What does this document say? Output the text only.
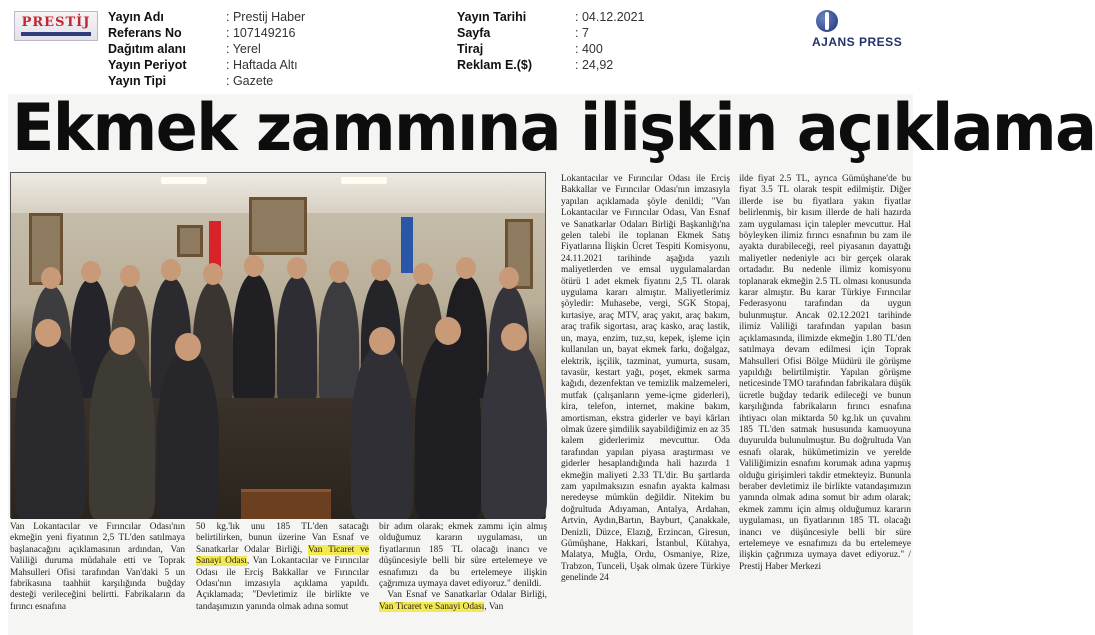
PRESTİJ Yayın Adı	: Prestij Haber
Referans No	: 107149216
Dağıtım alanı	: Yerel
Yayın Periyot	: Haftada Altı
Yayın Tipi	: Gazete
Yayın Tarihi	: 04.12.2021
Sayfa	: 7
Tiraj	: 400
Reklam E.($)	: 24,92
AJANS PRESS
Ekmek zammına ilişkin açıklama

Lokantacılar ve Fırıncılar Odası ile Erciş Bakkallar ve Fırıncılar Odası'nın imzasıyla yapılan açıklamada şöyle denildi; "Van Lokantacılar ve Fırıncılar Odası, Van Esnaf ve Sanatkarlar Odaları Birliği Başkanlığı'na gelen talebi ile toplanan Ekmek Satış Fiyatlarına İlişkin Ücret Tespiti Komisyonu, 24.11.2021 tarihinde aşağıda yazılı maliyetlerden ve emsal uygulamalardan ötürü 1 adet ekmek fiyatını 2,5 TL olarak uygulama kararı almıştır. Maliyetlerimiz şöyledir: Muhasebe, vergi, SGK Stopaj, kırtasiye, araç MTV, araç yakıt, araç bakım, araç trafik sigortası, araç kasko, araç lastik, un, maya, enzim, tuz,su, kepek, işleme için kullanılan un, bayat ekmek farkı, doğalgaz, elektrik, işçilik, tazminat, yumurta, susam, tavasür, kestart yağı, poşet, ekmek sarma kağıdı, dezenfektan ve temizlik malzemeleri, mutfak (çalışanların yeme-içme giderleri), kira, telefon, internet, makine bakım, amortisman, ekstra giderler ve bayi kârları olmak üzere şimdilik sayabildiğimiz en az 35 kalem giderlerimiz mevcuttur. Oda tarafından yapılan piyasa araştırması ve giderler hesaplandığında hali hazırda 1 ekmeğin maliyeti 2.33 TL'dir. Bu şartlarda zam yapılmaksızın esnafın ayakta kalması neredeyse mümkün değildir. Nitekim bu doğrultuda Adıyaman, Antalya, Ardahan, Artvin, Aydın,Bartın, Bayburt, Çanakkale, Denizli, Düzce, Elazığ, Erzincan, Giresun, Gümüşhane, Hakkari, İstanbul, Kütahya, Malatya, Muğla, Ordu, Osmaniye, Rize, Trabzon, Tunceli, Uşak olmak üzere Türkiye genelinde 24

ilde fiyat 2.5 TL, ayrıca Gümüşhane'de bu fiyat 3.5 TL olarak tespit edilmiştir. Diğer illerde ise bu fiyatlara yakın fiyatlar belirlenmiş, bir kısım illerde de hali hazırda zam uygulaması için talepler mevcuttur. Hal böyleyken ilimiz fırıncı esnafının bu zam ile ayakta durabileceği, reel piyasanın dayattığı maliyetler nedeniyle acı bir gerçek olarak ortadadır. Bu nedenle ilimiz komisyonu toplanarak ekmeğin 2.5 TL olması konusunda karar almıştır. Bu karar Türkiye Fırıncılar Federasyonu tarafından da uygun bulunmuştur. Ancak 02.12.2021 tarihinde ilimiz Valiliği tarafından yapılan basın açıklamasında, ilimizde ekmeğin 1.80 TL'den satılmaya devam edilmesi için Toprak Mahsulleri Ofisi Bölge Müdürü ile görüşme yapıldığı belirtilmiştir. Yapılan görüşme neticesinde TMO tarafından fabrikalara düşük ücretle buğday tedarik edileceği ve bunun karşılığında fabrikaların fırıncı esnafına ihtiyacı olan miktarda 50 kg.lık un çuvalını 185 TL'den satmak hususunda kamuoyuna duyurulda bulunulmuştur. Bu doğrultuda Van esnafı olarak, hükümetimizin ve yerelde Valiliğimizin esnafını korumak adına yapmış olduğu girişimleri takdir etmekteyiz. Bununla beraber devletimiz ile birlikte vatandaşımızın yanında olmak adına somut bir adım olarak; ekmek zammı için almış olduğumuz kararın uygulaması, un fiyatlarının 185 TL olacağı inancı ve düşüncesiyle belli bir süre ertelemeye ve esnafımızı da bu ertelemeye ilişkin çağrımıza uymaya davet ediyoruz." / Prestij Haber Merkezi

Van Lokantacılar ve Fırıncılar Odası'nın ekmeğin yeni fiyatının 2,5 TL'den satılmaya başlanacağını açıklamasının ardından, Van Valiliği duruma müdahale etti ve Toprak Mahsulleri Ofisi tarafından Van'daki 5 un fabrikasına taahhüt karşılığında buğday desteği verileceğini belirtti. Fabrikaların da fırıncı esnafına

50 kg.'lık unu 185 TL'den satacağı belirtilirken, bunun üzerine Van Esnaf ve Sanatkarlar Odalar Birliği, Van Ticaret ve Sanayi Odası, Van Lokantacılar ve Fırıncılar Odası ile Erciş Bakkallar ve Fırıncılar Odası'nın imzasıyla açıklama yapıldı. Açıklamada; "Devletimiz ile birlikte ve tandaşımızın yanında olmak adına somut

bir adım olarak; ekmek zammı için almış olduğumuz kararın uygulaması, un fiyatlarının 185 TL olacağı inancı ve düşüncesiyle belli bir süre ertelemeye ve esnafımızı da bu ertelemeye ilişkin çağrımıza uymaya davet ediyoruz." denildi.

Van Esnaf ve Sanatkarlar Odalar Birliği, Van Ticaret ve Sanayi Odası, Van
